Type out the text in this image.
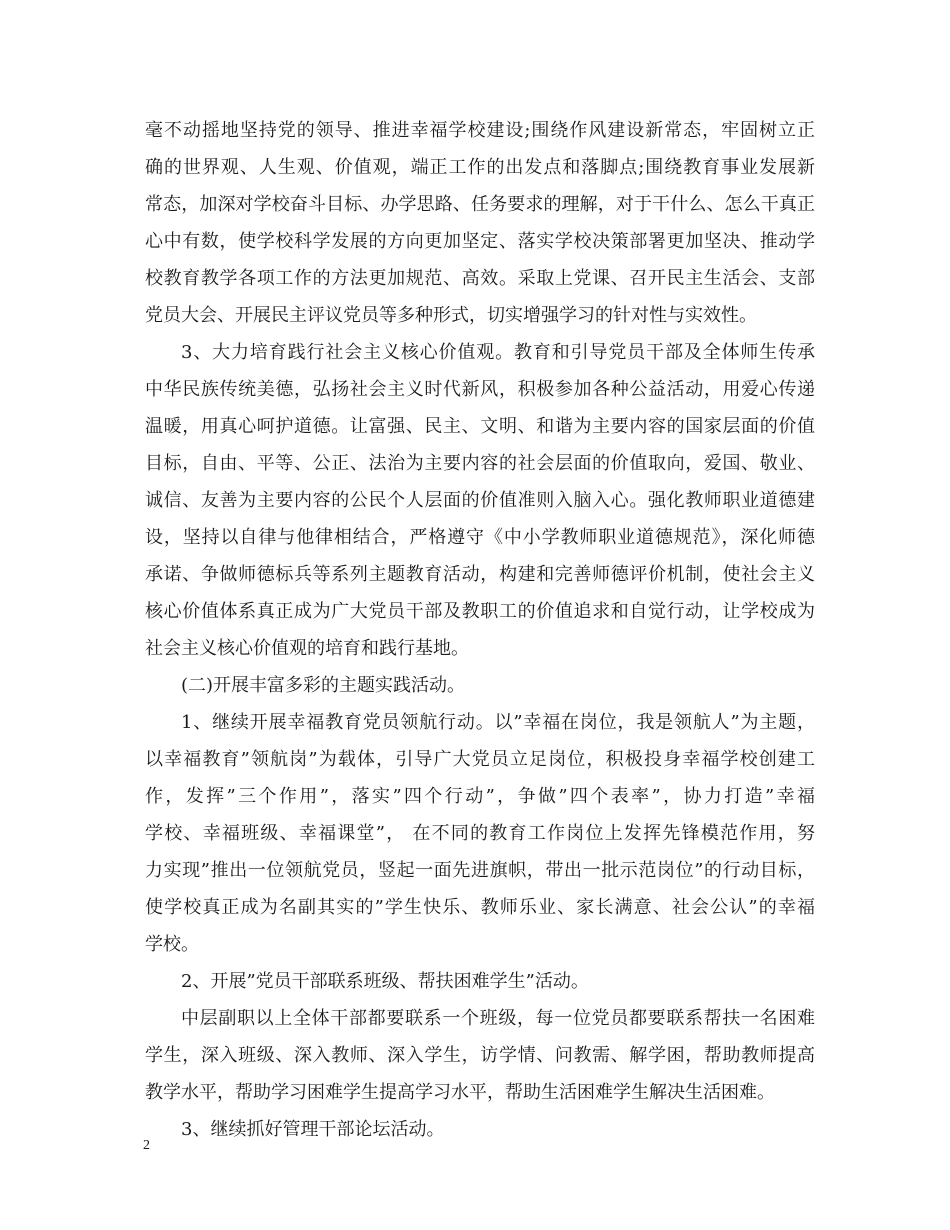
毫不动摇地坚持党的领导、推进幸福学校建设;围绕作风建设新常态，牢固树立正
确的世界观、人生观、价值观，端正工作的出发点和落脚点;围绕教育事业发展新
常态，加深对学校奋斗目标、办学思路、任务要求的理解，对于干什么、怎么干真正
心中有数，使学校科学发展的方向更加坚定、落实学校决策部署更加坚决、推动学
校教育教学各项工作的方法更加规范、高效。采取上党课、召开民主生活会、支部
党员大会、开展民主评议党员等多种形式，切实增强学习的针对性与实效性。
3、大力培育践行社会主义核心价值观。教育和引导党员干部及全体师生传承
中华民族传统美德，弘扬社会主义时代新风，积极参加各种公益活动，用爱心传递
温暖，用真心呵护道德。让富强、民主、文明、和谐为主要内容的国家层面的价值
目标，自由、平等、公正、法治为主要内容的社会层面的价值取向，爱国、敬业、
诚信、友善为主要内容的公民个人层面的价值准则入脑入心。强化教师职业道德建
设，坚持以自律与他律相结合，严格遵守《中小学教师职业道德规范》，深化师德
承诺、争做师德标兵等系列主题教育活动，构建和完善师德评价机制，使社会主义
核心价值体系真正成为广大党员干部及教职工的价值追求和自觉行动，让学校成为
社会主义核心价值观的培育和践行基地。
(二)开展丰富多彩的主题实践活动。
1、继续开展幸福教育党员领航行动。以”幸福在岗位，我是领航人”为主题，
以幸福教育”领航岗”为载体，引导广大党员立足岗位，积极投身幸福学校创建工
作，发挥”三个作用”，落实”四个行动”，争做”四个表率”，协力打造”幸福
学校、幸福班级、幸福课堂”， 在不同的教育工作岗位上发挥先锋模范作用，努
力实现”推出一位领航党员，竖起一面先进旗帜，带出一批示范岗位”的行动目标，
使学校真正成为名副其实的”学生快乐、教师乐业、家长满意、社会公认”的幸福
学校。
2、开展”党员干部联系班级、帮扶困难学生”活动。
中层副职以上全体干部都要联系一个班级，每一位党员都要联系帮扶一名困难
学生，深入班级、深入教师、深入学生，访学情、问教需、解学困，帮助教师提高
教学水平，帮助学习困难学生提高学习水平，帮助生活困难学生解决生活困难。
3、继续抓好管理干部论坛活动。
2
